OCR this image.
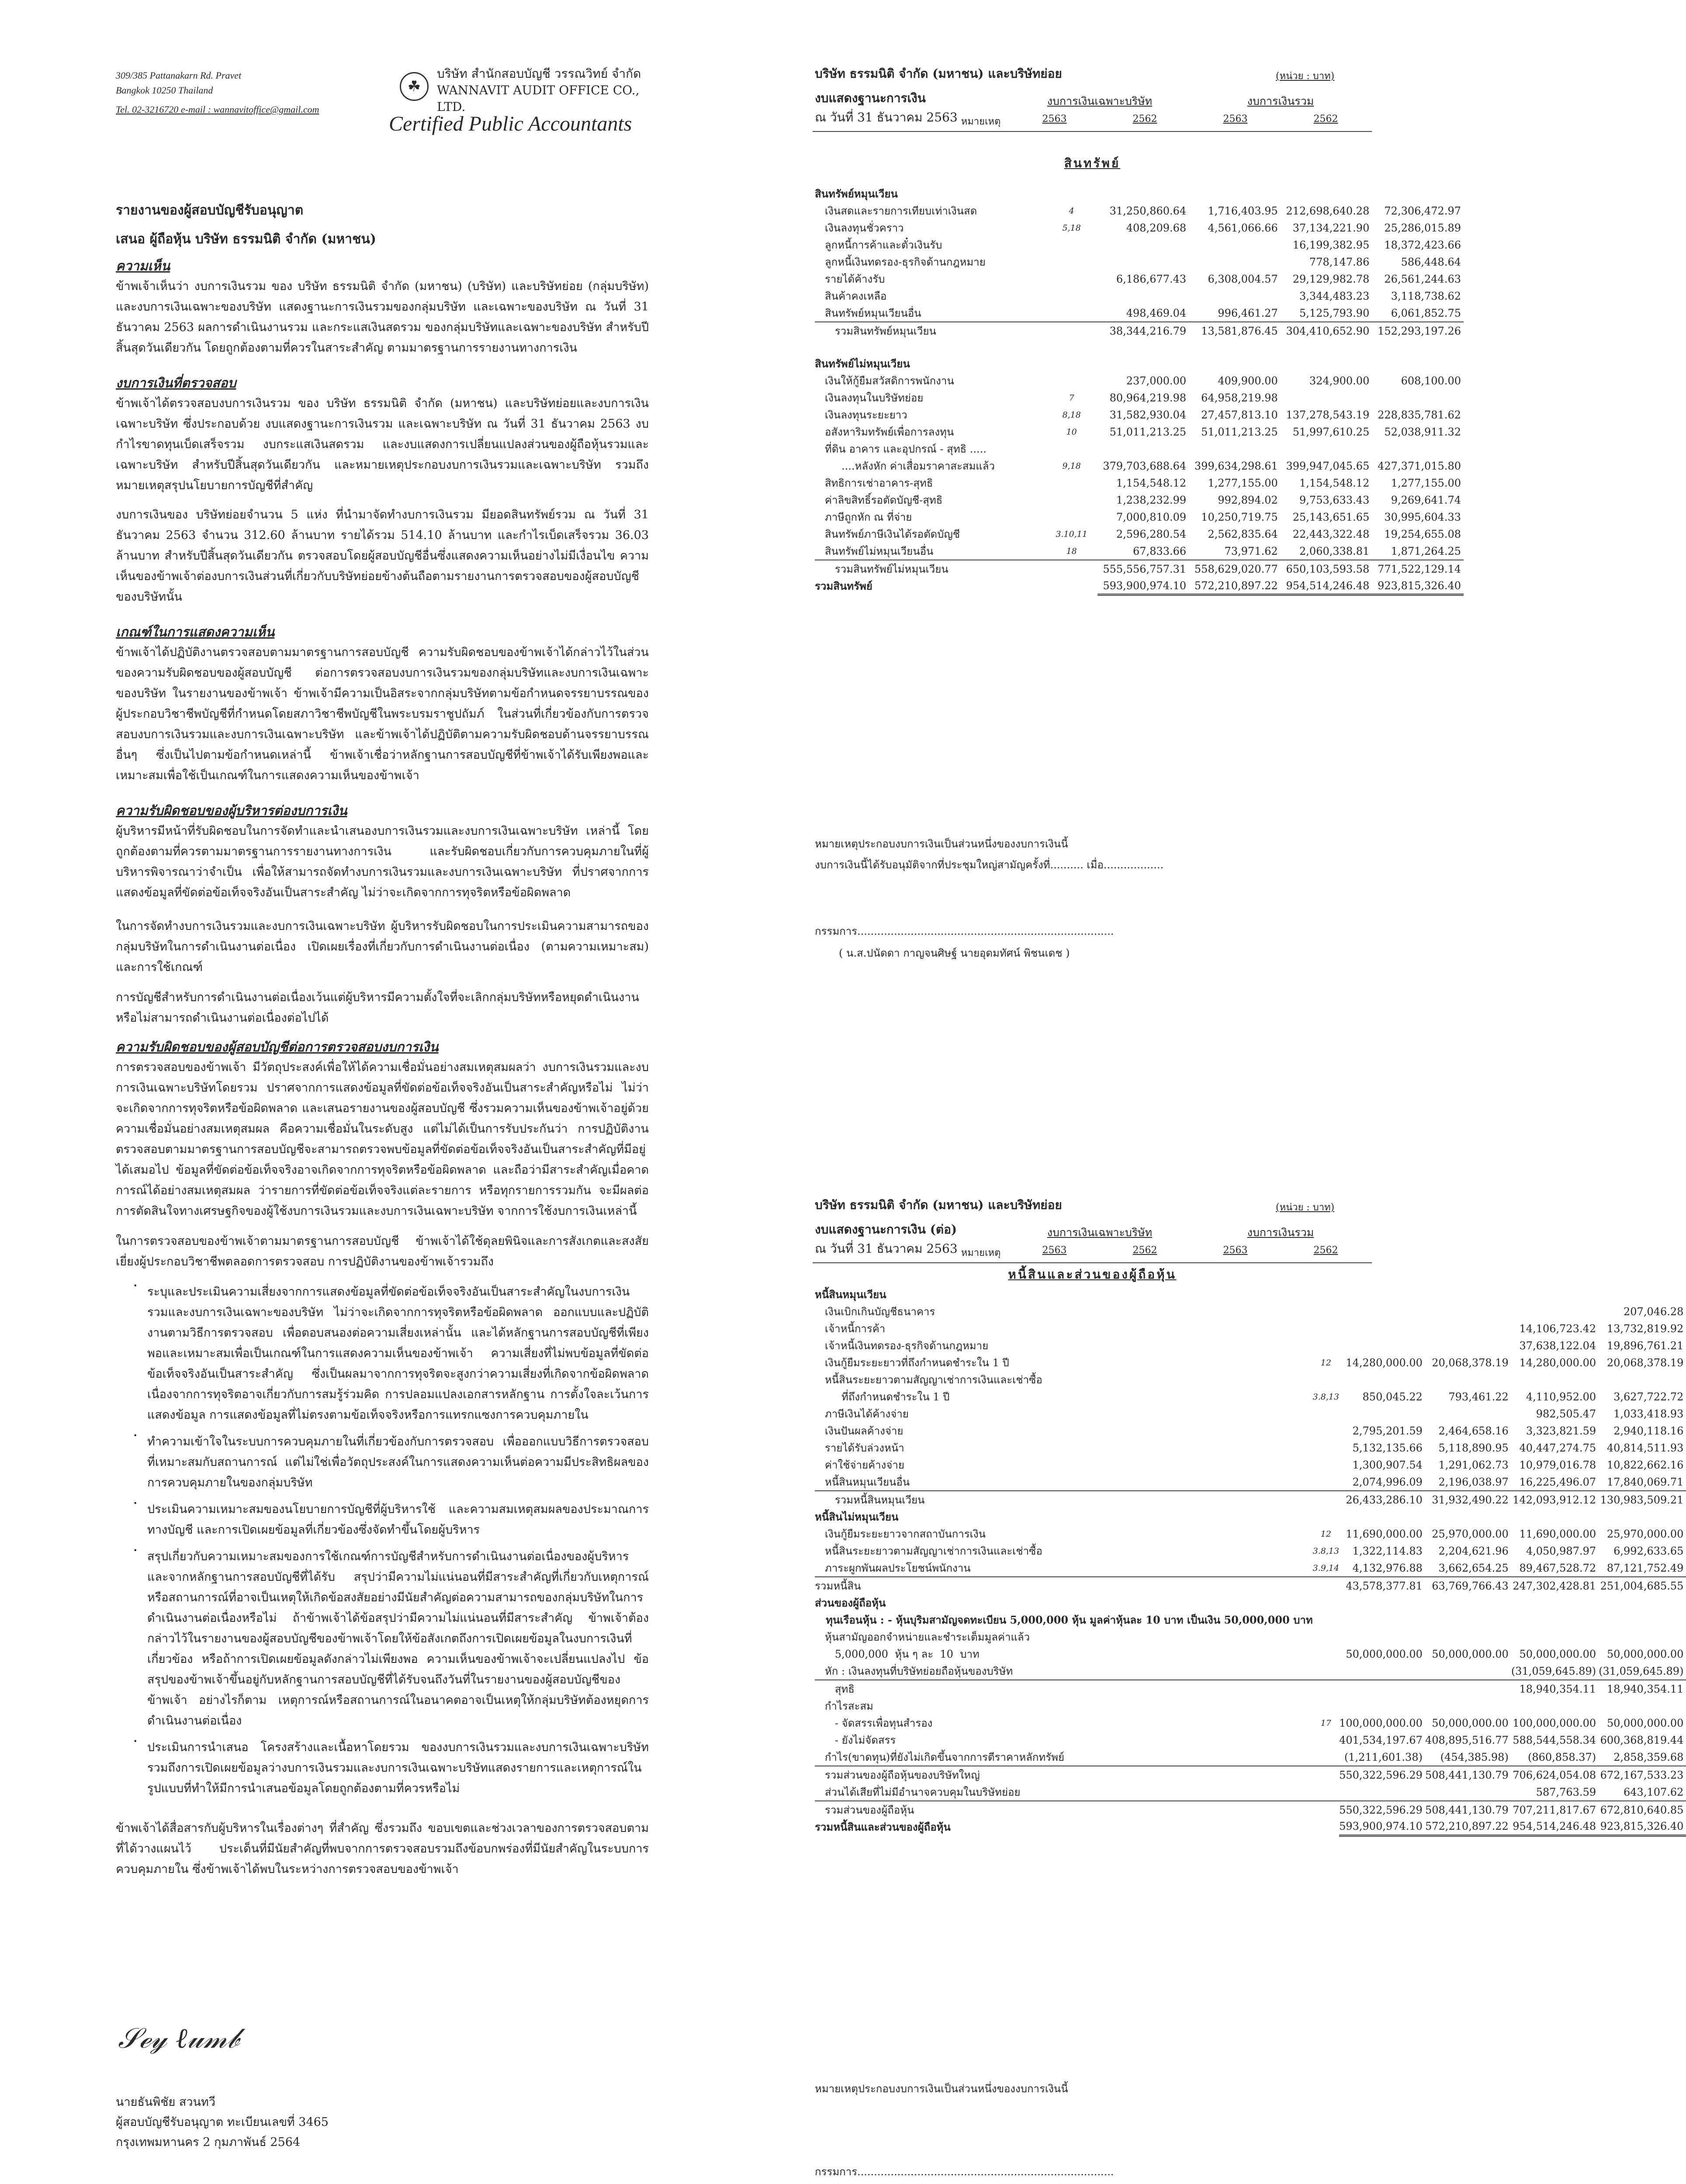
309/385 Pattanakarn Rd. Pravet
Bangkok 10250 Thailand
Tel. 02-3216720 e-mail : wannavitoffice@gmail.com
☘
บริษัท สำนักสอบบัญชี วรรณวิทย์ จำกัด
WANNAVIT AUDIT OFFICE CO., LTD.
Certified Public Accountants
รายงานของผู้สอบบัญชีรับอนุญาต
เสนอ ผู้ถือหุ้น บริษัท ธรรมนิติ จำกัด (มหาชน)
ความเห็น
ข้าพเจ้าเห็นว่า งบการเงินรวม ของ บริษัท ธรรมนิติ จำกัด (มหาชน) (บริษัท) และบริษัทย่อย (กลุ่มบริษัท) และงบการเงินเฉพาะของบริษัท แสดงฐานะการเงินรวมของกลุ่มบริษัท และเฉพาะของบริษัท ณ วันที่ 31 ธันวาคม 2563 ผลการดำเนินงานรวม และกระแสเงินสดรวม ของกลุ่มบริษัทและเฉพาะของบริษัท สำหรับปีสิ้นสุดวันเดียวกัน โดยถูกต้องตามที่ควรในสาระสำคัญ ตามมาตรฐานการรายงานทางการเงิน
งบการเงินที่ตรวจสอบ
ข้าพเจ้าได้ตรวจสอบงบการเงินรวม ของ บริษัท ธรรมนิติ จำกัด (มหาชน) และบริษัทย่อยและงบการเงินเฉพาะบริษัท ซึ่งประกอบด้วย งบแสดงฐานะการเงินรวม และเฉพาะบริษัท ณ วันที่ 31 ธันวาคม 2563 งบกำไรขาดทุนเบ็ดเสร็จรวม งบกระแสเงินสดรวม และงบแสดงการเปลี่ยนแปลงส่วนของผู้ถือหุ้นรวมและเฉพาะบริษัท สำหรับปีสิ้นสุดวันเดียวกัน และหมายเหตุประกอบงบการเงินรวมและเฉพาะบริษัท รวมถึงหมายเหตุสรุปนโยบายการบัญชีที่สำคัญ
งบการเงินของ บริษัทย่อยจำนวน 5 แห่ง ที่นำมาจัดทำงบการเงินรวม มียอดสินทรัพย์รวม ณ วันที่ 31 ธันวาคม 2563 จำนวน 312.60 ล้านบาท รายได้รวม 514.10 ล้านบาท และกำไรเบ็ดเสร็จรวม 36.03 ล้านบาท สำหรับปีสิ้นสุดวันเดียวกัน ตรวจสอบโดยผู้สอบบัญชีอื่นซึ่งแสดงความเห็นอย่างไม่มีเงื่อนไข ความเห็นของข้าพเจ้าต่องบการเงินส่วนที่เกี่ยวกับบริษัทย่อยข้างต้นถือตามรายงานการตรวจสอบของผู้สอบบัญชีของบริษัทนั้น
เกณฑ์ในการแสดงความเห็น
ข้าพเจ้าได้ปฏิบัติงานตรวจสอบตามมาตรฐานการสอบบัญชี ความรับผิดชอบของข้าพเจ้าได้กล่าวไว้ในส่วนของความรับผิดชอบของผู้สอบบัญชี ต่อการตรวจสอบงบการเงินรวมของกลุ่มบริษัทและงบการเงินเฉพาะของบริษัท ในรายงานของข้าพเจ้า ข้าพเจ้ามีความเป็นอิสระจากกลุ่มบริษัทตามข้อกำหนดจรรยาบรรณของผู้ประกอบวิชาชีพบัญชีที่กำหนดโดยสภาวิชาชีพบัญชีในพระบรมราชูปถัมภ์ ในส่วนที่เกี่ยวข้องกับการตรวจสอบงบการเงินรวมและงบการเงินเฉพาะบริษัท และข้าพเจ้าได้ปฏิบัติตามความรับผิดชอบด้านจรรยาบรรณอื่นๆ ซึ่งเป็นไปตามข้อกำหนดเหล่านี้ ข้าพเจ้าเชื่อว่าหลักฐานการสอบบัญชีที่ข้าพเจ้าได้รับเพียงพอและเหมาะสมเพื่อใช้เป็นเกณฑ์ในการแสดงความเห็นของข้าพเจ้า
ความรับผิดชอบของผู้บริหารต่องบการเงิน
ผู้บริหารมีหน้าที่รับผิดชอบในการจัดทำและนำเสนองบการเงินรวมและงบการเงินเฉพาะบริษัท เหล่านี้ โดยถูกต้องตามที่ควรตามมาตรฐานการรายงานทางการเงิน และรับผิดชอบเกี่ยวกับการควบคุมภายในที่ผู้บริหารพิจารณาว่าจำเป็น เพื่อให้สามารถจัดทำงบการเงินรวมและงบการเงินเฉพาะบริษัท ที่ปราศจากการแสดงข้อมูลที่ขัดต่อข้อเท็จจริงอันเป็นสาระสำคัญ ไม่ว่าจะเกิดจากการทุจริตหรือข้อผิดพลาด
ในการจัดทำงบการเงินรวมและงบการเงินเฉพาะบริษัท ผู้บริหารรับผิดชอบในการประเมินความสามารถของกลุ่มบริษัทในการดำเนินงานต่อเนื่อง เปิดเผยเรื่องที่เกี่ยวกับการดำเนินงานต่อเนื่อง (ตามความเหมาะสม) และการใช้เกณฑ์
การบัญชีสำหรับการดำเนินงานต่อเนื่องเว้นแต่ผู้บริหารมีความตั้งใจที่จะเลิกกลุ่มบริษัทหรือหยุดดำเนินงานหรือไม่สามารถดำเนินงานต่อเนื่องต่อไปได้
ความรับผิดชอบของผู้สอบบัญชีต่อการตรวจสอบงบการเงิน
การตรวจสอบของข้าพเจ้า มีวัตถุประสงค์เพื่อให้ได้ความเชื่อมั่นอย่างสมเหตุสมผลว่า งบการเงินรวมและงบการเงินเฉพาะบริษัทโดยรวม ปราศจากการแสดงข้อมูลที่ขัดต่อข้อเท็จจริงอันเป็นสาระสำคัญหรือไม่ ไม่ว่าจะเกิดจากการทุจริตหรือข้อผิดพลาด และเสนอรายงานของผู้สอบบัญชี ซึ่งรวมความเห็นของข้าพเจ้าอยู่ด้วย ความเชื่อมั่นอย่างสมเหตุสมผล คือความเชื่อมั่นในระดับสูง แต่ไม่ได้เป็นการรับประกันว่า การปฏิบัติงานตรวจสอบตามมาตรฐานการสอบบัญชีจะสามารถตรวจพบข้อมูลที่ขัดต่อข้อเท็จจริงอันเป็นสาระสำคัญที่มีอยู่ได้เสมอไป ข้อมูลที่ขัดต่อข้อเท็จจริงอาจเกิดจากการทุจริตหรือข้อผิดพลาด และถือว่ามีสาระสำคัญเมื่อคาดการณ์ได้อย่างสมเหตุสมผล ว่ารายการที่ขัดต่อข้อเท็จจริงแต่ละรายการ หรือทุกรายการรวมกัน จะมีผลต่อการตัดสินใจทางเศรษฐกิจของผู้ใช้งบการเงินรวมและงบการเงินเฉพาะบริษัท จากการใช้งบการเงินเหล่านี้
ในการตรวจสอบของข้าพเจ้าตามมาตรฐานการสอบบัญชี ข้าพเจ้าได้ใช้ดุลยพินิจและการสังเกตและสงสัยเยี่ยงผู้ประกอบวิชาชีพตลอดการตรวจสอบ การปฏิบัติงานของข้าพเจ้ารวมถึง
• ระบุและประเมินความเสี่ยงจากการแสดงข้อมูลที่ขัดต่อข้อเท็จจริงอันเป็นสาระสำคัญในงบการเงินรวมและงบการเงินเฉพาะของบริษัท ไม่ว่าจะเกิดจากการทุจริตหรือข้อผิดพลาด ออกแบบและปฏิบัติงานตามวิธีการตรวจสอบ เพื่อตอบสนองต่อความเสี่ยงเหล่านั้น และได้หลักฐานการสอบบัญชีที่เพียงพอและเหมาะสมเพื่อเป็นเกณฑ์ในการแสดงความเห็นของข้าพเจ้า ความเสี่ยงที่ไม่พบข้อมูลที่ขัดต่อข้อเท็จจริงอันเป็นสาระสำคัญ ซึ่งเป็นผลมาจากการทุจริตจะสูงกว่าความเสี่ยงที่เกิดจากข้อผิดพลาด เนื่องจากการทุจริตอาจเกี่ยวกับการสมรู้ร่วมคิด การปลอมแปลงเอกสารหลักฐาน การตั้งใจละเว้นการแสดงข้อมูล การแสดงข้อมูลที่ไม่ตรงตามข้อเท็จจริงหรือการแทรกแซงการควบคุมภายใน
• ทำความเข้าใจในระบบการควบคุมภายในที่เกี่ยวข้องกับการตรวจสอบ เพื่อออกแบบวิธีการตรวจสอบที่เหมาะสมกับสถานการณ์ แต่ไม่ใช่เพื่อวัตถุประสงค์ในการแสดงความเห็นต่อความมีประสิทธิผลของการควบคุมภายในของกลุ่มบริษัท
• ประเมินความเหมาะสมของนโยบายการบัญชีที่ผู้บริหารใช้ และความสมเหตุสมผลของประมาณการทางบัญชี และการเปิดเผยข้อมูลที่เกี่ยวข้องซึ่งจัดทำขึ้นโดยผู้บริหาร
• สรุปเกี่ยวกับความเหมาะสมของการใช้เกณฑ์การบัญชีสำหรับการดำเนินงานต่อเนื่องของผู้บริหารและจากหลักฐานการสอบบัญชีที่ได้รับ สรุปว่ามีความไม่แน่นอนที่มีสาระสำคัญที่เกี่ยวกับเหตุการณ์หรือสถานการณ์ที่อาจเป็นเหตุให้เกิดข้อสงสัยอย่างมีนัยสำคัญต่อความสามารถของกลุ่มบริษัทในการดำเนินงานต่อเนื่องหรือไม่ ถ้าข้าพเจ้าได้ข้อสรุปว่ามีความไม่แน่นอนที่มีสาระสำคัญ ข้าพเจ้าต้องกล่าวไว้ในรายงานของผู้สอบบัญชีของข้าพเจ้าโดยให้ข้อสังเกตถึงการเปิดเผยข้อมูลในงบการเงินที่เกี่ยวข้อง หรือถ้าการเปิดเผยข้อมูลดังกล่าวไม่เพียงพอ ความเห็นของข้าพเจ้าจะเปลี่ยนแปลงไป ข้อสรุปของข้าพเจ้าขึ้นอยู่กับหลักฐานการสอบบัญชีที่ได้รับจนถึงวันที่ในรายงานของผู้สอบบัญชีของข้าพเจ้า อย่างไรก็ตาม เหตุการณ์หรือสถานการณ์ในอนาคตอาจเป็นเหตุให้กลุ่มบริษัทต้องหยุดการดำเนินงานต่อเนื่อง
• ประเมินการนำเสนอ โครงสร้างและเนื้อหาโดยรวม ของงบการเงินรวมและงบการเงินเฉพาะบริษัท รวมถึงการเปิดเผยข้อมูลว่างบการเงินรวมและงบการเงินเฉพาะบริษัทแสดงรายการและเหตุการณ์ในรูปแบบที่ทำให้มีการนำเสนอข้อมูลโดยถูกต้องตามที่ควรหรือไม่
ข้าพเจ้าได้สื่อสารกับผู้บริหารในเรื่องต่างๆ ที่สำคัญ ซึ่งรวมถึง ขอบเขตและช่วงเวลาของการตรวจสอบตามที่ได้วางแผนไว้ ประเด็นที่มีนัยสำคัญที่พบจากการตรวจสอบรวมถึงข้อบกพร่องที่มีนัยสำคัญในระบบการควบคุมภายใน ซึ่งข้าพเจ้าได้พบในระหว่างการตรวจสอบของข้าพเจ้า
𝒮ℯ𝓎 ℓ𝓊𝓂𝒷
นายธันพิชัย สวนทวี
ผู้สอบบัญชีรับอนุญาต ทะเบียนเลขที่ 3465
กรุงเทพมหานคร 2 กุมภาพันธ์ 2564
บริษัท ธรรมนิติ จำกัด (มหาชน) และบริษัทย่อย	(หน่วย : บาท)
งบแสดงฐานะการเงิน	งบการเงินเฉพาะบริษัท	งบการเงินรวม
ณ วันที่ 31 ธันวาคม 2563 หมายเหตุ	2563	2562	2563	2562
สินทรัพย์
สินทรัพย์หมุนเวียน					
เงินสดและรายการเทียบเท่าเงินสด	4	31,250,860.64	1,716,403.95	212,698,640.28	72,306,472.97
เงินลงทุนชั่วคราว	5,18	408,209.68	4,561,066.66	37,134,221.90	25,286,015.89
ลูกหนี้การค้าและตั๋วเงินรับ				16,199,382.95	18,372,423.66
ลูกหนี้เงินทดรอง-ธุรกิจด้านกฎหมาย				778,147.86	586,448.64
รายได้ค้างรับ		6,186,677.43	6,308,004.57	29,129,982.78	26,561,244.63
สินค้าคงเหลือ				3,344,483.23	3,118,738.62
สินทรัพย์หมุนเวียนอื่น		498,469.04	996,461.27	5,125,793.90	6,061,852.75
รวมสินทรัพย์หมุนเวียน		38,344,216.79	13,581,876.45	304,410,652.90	152,293,197.26

สินทรัพย์ไม่หมุนเวียน					
เงินให้กู้ยืมสวัสดิการพนักงาน		237,000.00	409,900.00	324,900.00	608,100.00
เงินลงทุนในบริษัทย่อย	7	80,964,219.98	64,958,219.98		
เงินลงทุนระยะยาว	8,18	31,582,930.04	27,457,813.10	137,278,543.19	228,835,781.62
อสังหาริมทรัพย์เพื่อการลงทุน	10	51,011,213.25	51,011,213.25	51,997,610.25	52,038,911.32
ที่ดิน อาคาร และอุปกรณ์ - สุทธิ .....					
....หลังหัก ค่าเสื่อมราคาสะสมแล้ว	9,18	379,703,688.64	399,634,298.61	399,947,045.65	427,371,015.80
สิทธิการเช่าอาคาร-สุทธิ		1,154,548.12	1,277,155.00	1,154,548.12	1,277,155.00
ค่าลิขสิทธิ์รอตัดบัญชี-สุทธิ		1,238,232.99	992,894.02	9,753,633.43	9,269,641.74
ภาษีถูกหัก ณ ที่จ่าย		7,000,810.09	10,250,719.75	25,143,651.65	30,995,604.33
สินทรัพย์ภาษีเงินได้รอตัดบัญชี	3.10,11	2,596,280.54	2,562,835.64	22,443,322.48	19,254,655.08
สินทรัพย์ไม่หมุนเวียนอื่น	18	67,833.66	73,971.62	2,060,338.81	1,871,264.25
รวมสินทรัพย์ไม่หมุนเวียน		555,556,757.31	558,629,020.77	650,103,593.58	771,522,129.14
รวมสินทรัพย์		593,900,974.10	572,210,897.22	954,514,246.48	923,815,326.40
หมายเหตุประกอบงบการเงินเป็นส่วนหนึ่งของงบการเงินนี้
งบการเงินนี้ได้รับอนุมัติจากที่ประชุมใหญ่สามัญครั้งที่.......... เมื่อ..................
กรรมการ.............................................................................
( น.ส.ปนัดดา กาญจนศิษฐ์ นายอุดมทัศน์ พิชนเดช )
บริษัท ธรรมนิติ จำกัด (มหาชน) และบริษัทย่อย	(หน่วย : บาท)
งบแสดงฐานะการเงิน (ต่อ)	งบการเงินเฉพาะบริษัท	งบการเงินรวม
ณ วันที่ 31 ธันวาคม 2563 หมายเหตุ	2563	2562	2563	2562
หนี้สินและส่วนของผู้ถือหุ้น
หนี้สินหมุนเวียน					
เงินเบิกเกินบัญชีธนาคาร					207,046.28
เจ้าหนี้การค้า				14,106,723.42	13,732,819.92
เจ้าหนี้เงินทดรอง-ธุรกิจด้านกฎหมาย				37,638,122.04	19,896,761.21
เงินกู้ยืมระยะยาวที่ถึงกำหนดชำระใน 1 ปี	12	14,280,000.00	20,068,378.19	14,280,000.00	20,068,378.19
หนี้สินระยะยาวตามสัญญาเช่าการเงินและเช่าซื้อ					
ที่ถึงกำหนดชำระใน 1 ปี	3.8,13	850,045.22	793,461.22	4,110,952.00	3,627,722.72
ภาษีเงินได้ค้างจ่าย				982,505.47	1,033,418.93
เงินปันผลค้างจ่าย		2,795,201.59	2,464,658.16	3,323,821.59	2,940,118.16
รายได้รับล่วงหน้า		5,132,135.66	5,118,890.95	40,447,274.75	40,814,511.93
ค่าใช้จ่ายค้างจ่าย		1,300,907.54	1,291,062.73	10,979,016.78	10,822,662.16
หนี้สินหมุนเวียนอื่น		2,074,996.09	2,196,038.97	16,225,496.07	17,840,069.71
รวมหนี้สินหมุนเวียน		26,433,286.10	31,932,490.22	142,093,912.12	130,983,509.21
หนี้สินไม่หมุนเวียน					
เงินกู้ยืมระยะยาวจากสถาบันการเงิน	12	11,690,000.00	25,970,000.00	11,690,000.00	25,970,000.00
หนี้สินระยะยาวตามสัญญาเช่าการเงินและเช่าซื้อ	3.8,13	1,322,114.83	2,204,621.96	4,050,987.97	6,992,633.65
ภาระผูกพันผลประโยชน์พนักงาน	3.9,14	4,132,976.88	3,662,654.25	89,467,528.72	87,121,752.49
รวมหนี้สิน		43,578,377.81	63,769,766.43	247,302,428.81	251,004,685.55
ส่วนของผู้ถือหุ้น					
ทุนเรือนหุ้น : - หุ้นบุริมสามัญจดทะเบียน 5,000,000 หุ้น มูลค่าหุ้นละ 10 บาท เป็นเงิน 50,000,000 บาท					
หุ้นสามัญออกจำหน่ายและชำระเต็มมูลค่าแล้ว					
5,000,000  หุ้น ๆ ละ  10  บาท		50,000,000.00	50,000,000.00	50,000,000.00	50,000,000.00
หัก : เงินลงทุนที่บริษัทย่อยถือหุ้นของบริษัท				(31,059,645.89)	(31,059,645.89)
สุทธิ				18,940,354.11	18,940,354.11
กำไรสะสม					
- จัดสรรเพื่อทุนสำรอง	17	100,000,000.00	50,000,000.00	100,000,000.00	50,000,000.00
- ยังไม่จัดสรร		401,534,197.67	408,895,516.77	588,544,558.34	600,368,819.44
กำไร(ขาดทุน)ที่ยังไม่เกิดขึ้นจากการตีราคาหลักทรัพย์		(1,211,601.38)	(454,385.98)	(860,858.37)	2,858,359.68
รวมส่วนของผู้ถือหุ้นของบริษัทใหญ่		550,322,596.29	508,441,130.79	706,624,054.08	672,167,533.23
ส่วนได้เสียที่ไม่มีอำนาจควบคุมในบริษัทย่อย				587,763.59	643,107.62
รวมส่วนของผู้ถือหุ้น		550,322,596.29	508,441,130.79	707,211,817.67	672,810,640.85
รวมหนี้สินและส่วนของผู้ถือหุ้น		593,900,974.10	572,210,897.22	954,514,246.48	923,815,326.40
หมายเหตุประกอบงบการเงินเป็นส่วนหนึ่งของงบการเงินนี้
กรรมการ.............................................................................
